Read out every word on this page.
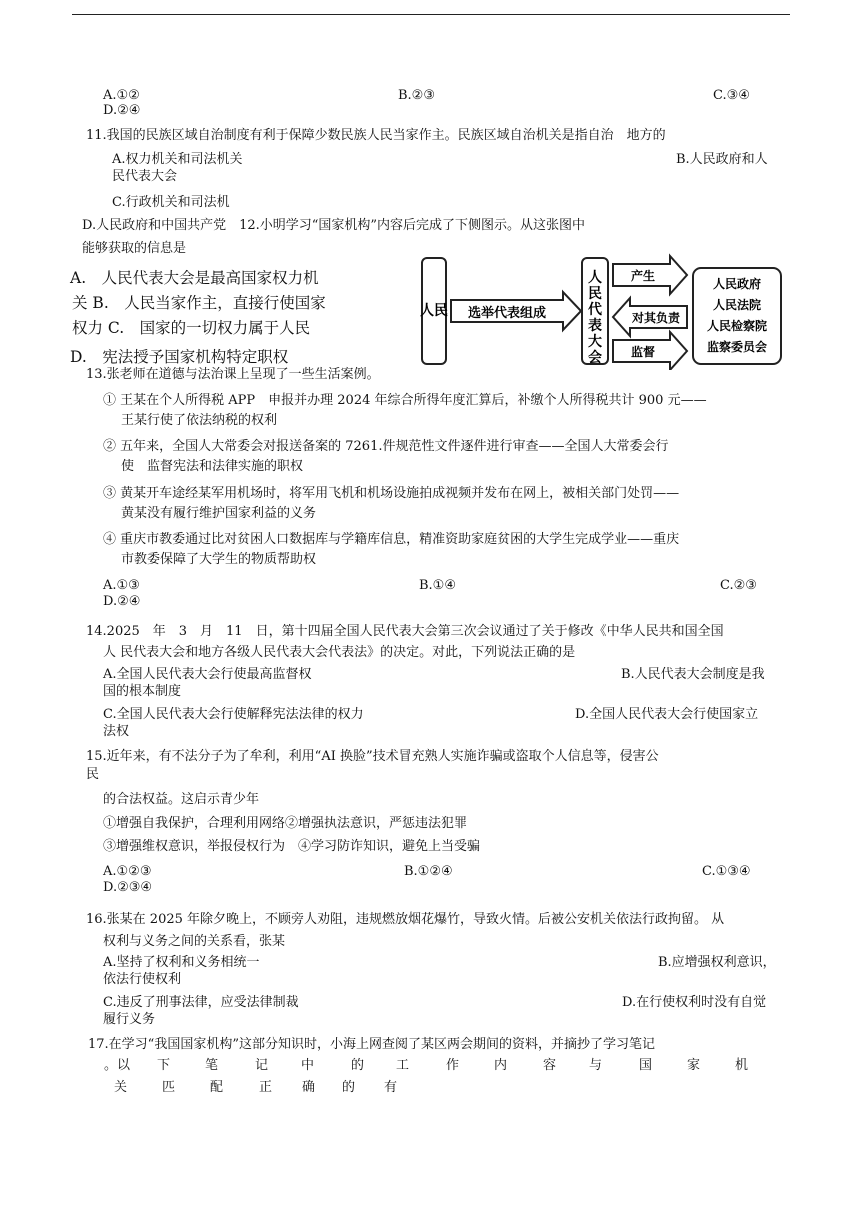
A.①②	B.②③	C.③④
D.②④
11.我国的民族区域自治制度有利于保障少数民族人民当家作主。民族区域自治机关是指自治　地方的
A.权力机关和司法机关	B.人民政府和人
民代表大会
C.行政机关和司法机
D.人民政府和中国共产党　12.小明学习“国家机构”内容后完成了下侧图示。从这张图中
能够获取的信息是
A.　人民代表大会是最高国家权力机
关 B.　人民当家作主，直接行使国家
权力 C.　国家的一切权力属于人民
D.　宪法授予国家机构特定职权
人民 选举代表组成
人
民
代
表
大
会
产生
对其负责
监督
人民政府
人民法院
人民检察院
监察委员会
13.张老师在道德与法治课上呈现了一些生活案例。
① 王某在个人所得税 APP　申报并办理 2024 年综合所得年度汇算后，补缴个人所得税共计 900 元——
王某行使了依法纳税的权利
② 五年来，全国人大常委会对报送备案的 7261.件规范性文件逐件进行审查——全国人大常委会行
使　监督宪法和法律实施的职权
③ 黄某开车途经某军用机场时，将军用飞机和机场设施拍成视频并发布在网上，被相关部门处罚——
黄某没有履行维护国家利益的义务
④ 重庆市教委通过比对贫困人口数据库与学籍库信息，精准资助家庭贫困的大学生完成学业——重庆
市教委保障了大学生的物质帮助权
A.①③	B.①④	C.②③
D.②④
14.2025　年　3　月　11　日，第十四届全国人民代表大会第三次会议通过了关于修改《中华人民共和国全国
人 民代表大会和地方各级人民代表大会代表法》的决定。对此，下列说法正确的是
A.全国人民代表大会行使最高监督权	B.人民代表大会制度是我
国的根本制度
C.全国人民代表大会行使解释宪法法律的权力	D.全国人民代表大会行使国家立
法权
15.近年来，有不法分子为了牟利，利用“AI 换脸”技术冒充熟人实施诈骗或盗取个人信息等，侵害公
民
的合法权益。这启示青少年
①增强自我保护，合理利用网络②增强执法意识，严惩违法犯罪
③增强维权意识，举报侵权行为　④学习防诈知识，避免上当受骗
A.①②③	B.①②④	C.①③④
D.②③④
16.张某在 2025 年除夕晚上，不顾旁人劝阻，违规燃放烟花爆竹，导致火情。后被公安机关依法行政拘留。 从
权利与义务之间的关系看，张某
A.坚持了权利和义务相统一	B.应增强权利意识，
依法行使权利
C.违反了刑事法律，应受法律制裁	D.在行使权利时没有自觉
履行义务
17.在学习“我国国家机构”这部分知识时，小海上网查阅了某区两会期间的资料，并摘抄了学习笔记
。以 下	笔	记	中	的 工	作	内	容	与	国	家	机
关	匹	配	正 确 的 有
